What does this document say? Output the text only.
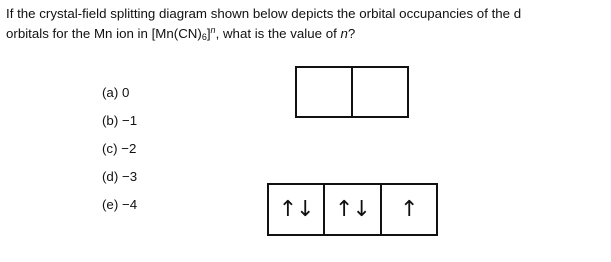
If the crystal-field splitting diagram shown below depicts the orbital occupancies of the d
orbitals for the Mn ion in $[Mn(CN)_6]^n$, what is the value of n?
(a) 0
(b) −1
(c) −2
(d) −3
(e) −4	↑↓ ↑↓	↑
